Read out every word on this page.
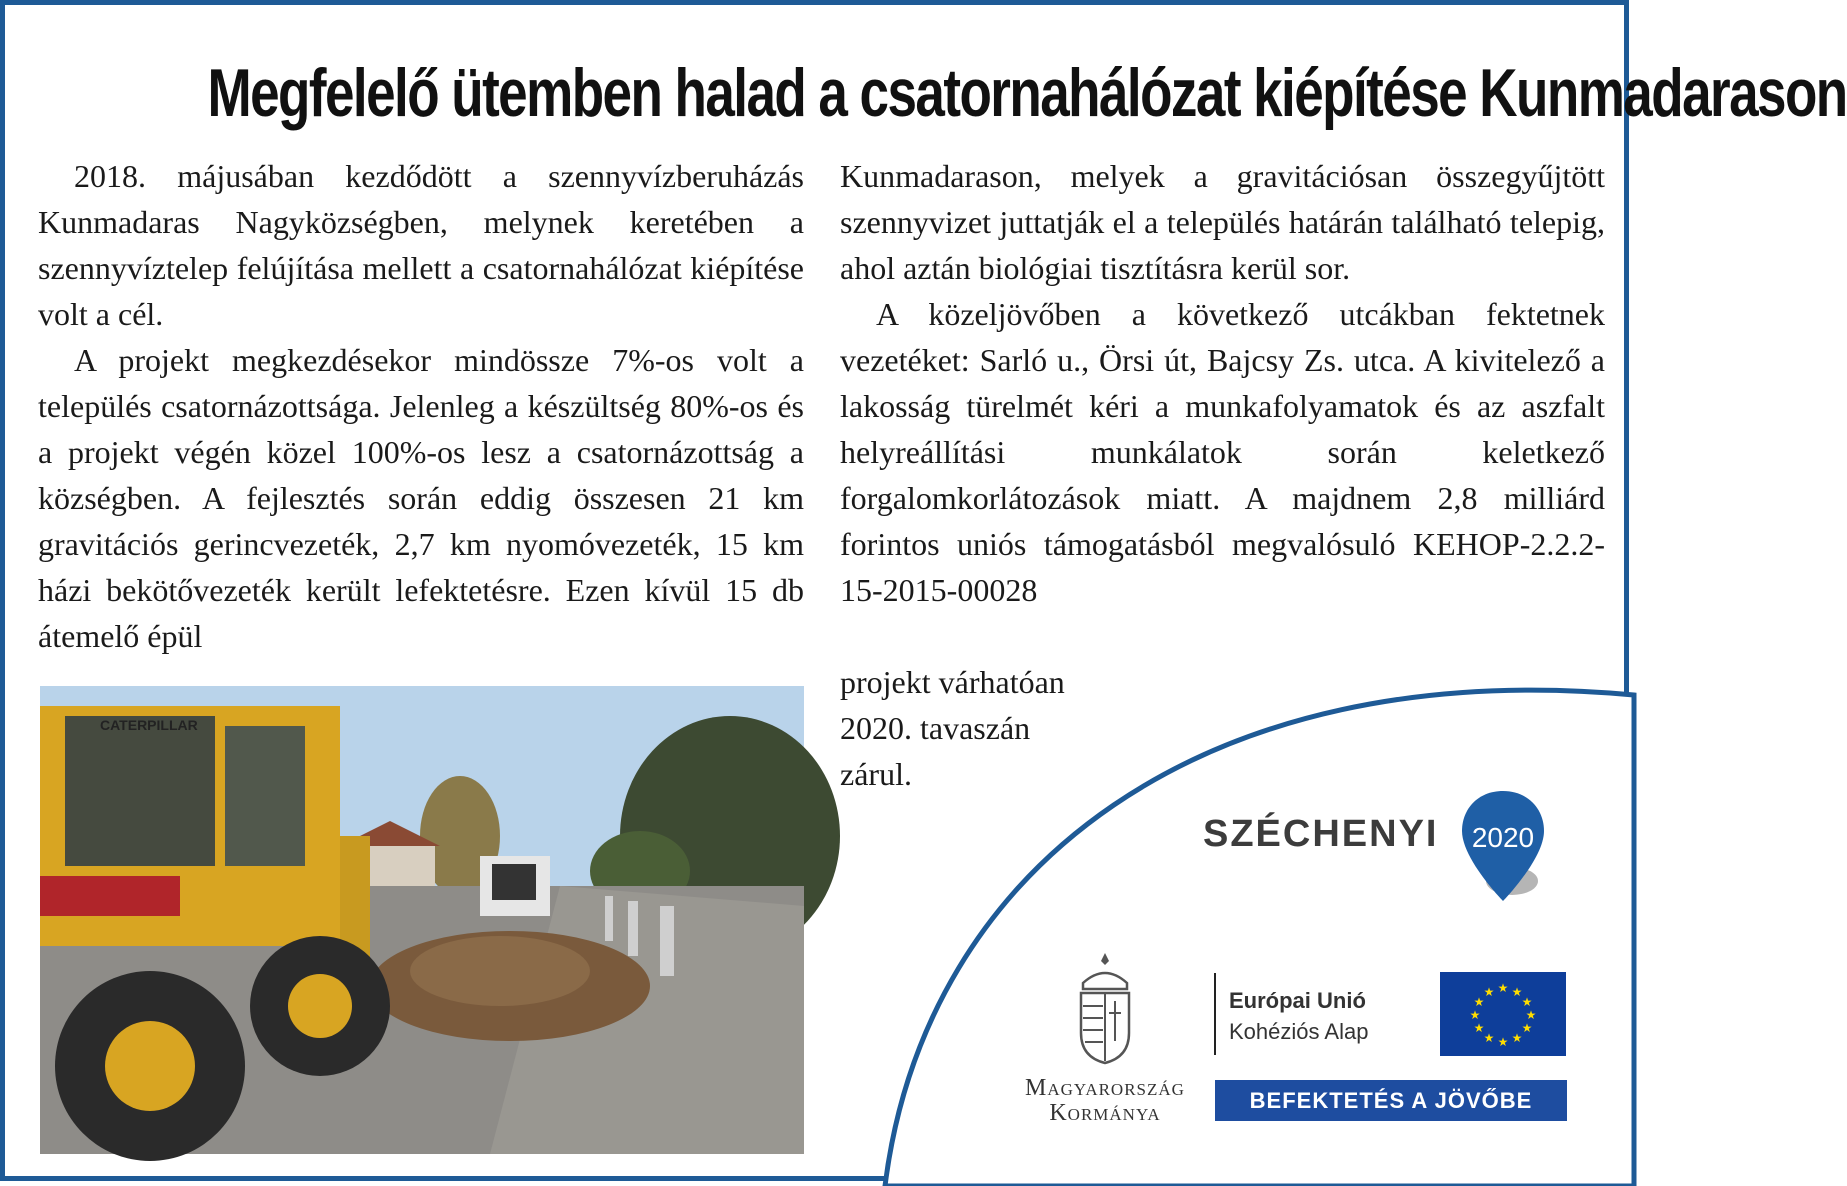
Megfelelő ütemben halad a csatornahálózat kiépítése Kunmadarason

2018. májusában kezdődött a szennyvízberuházás Kunmadaras Nagyközségben, melynek keretében a szennyvíztelep felújítása mellett a csatornahálózat kiépítése volt a cél.

A projekt megkezdésekor mindössze 7%-os volt a település csatornázottsága. Jelenleg a készültség 80%-os és a projekt végén közel 100%-os lesz a csatornázottság a községben. A fejlesztés során eddig összesen 21 km gravitációs gerincvezeték, 2,7 km nyomóvezeték, 15 km házi bekötővezeték került lefektetésre. Ezen kívül 15 db átemelő épül

Kunmadarason, melyek a gravitációsan összegyűjtött szennyvizet juttatják el a település határán található telepig, ahol aztán biológiai tisztításra kerül sor.

A közeljövőben a következő utcákban fektetnek vezetéket: Sarló u., Örsi út, Bajcsy Zs. utca. A kivitelező a lakosság türelmét kéri a munkafolyamatok és az aszfalt helyreállítási munkálatok során keletkező forgalomkorlátozások miatt. A majdnem 2,8 milliárd forintos uniós támogatásból megvalósuló KEHOP-2.2.2-15-2015-00028

projekt várhatóan
2020. tavaszán
zárul.
CATERPILLAR
SZÉCHENYI	2020
Magyarország
Kormánya
Európai Unió
Kohéziós Alap
★ ★
★
★
★
★
★
★
★
★
★
★
BEFEKTETÉS A JÖVŐBE
